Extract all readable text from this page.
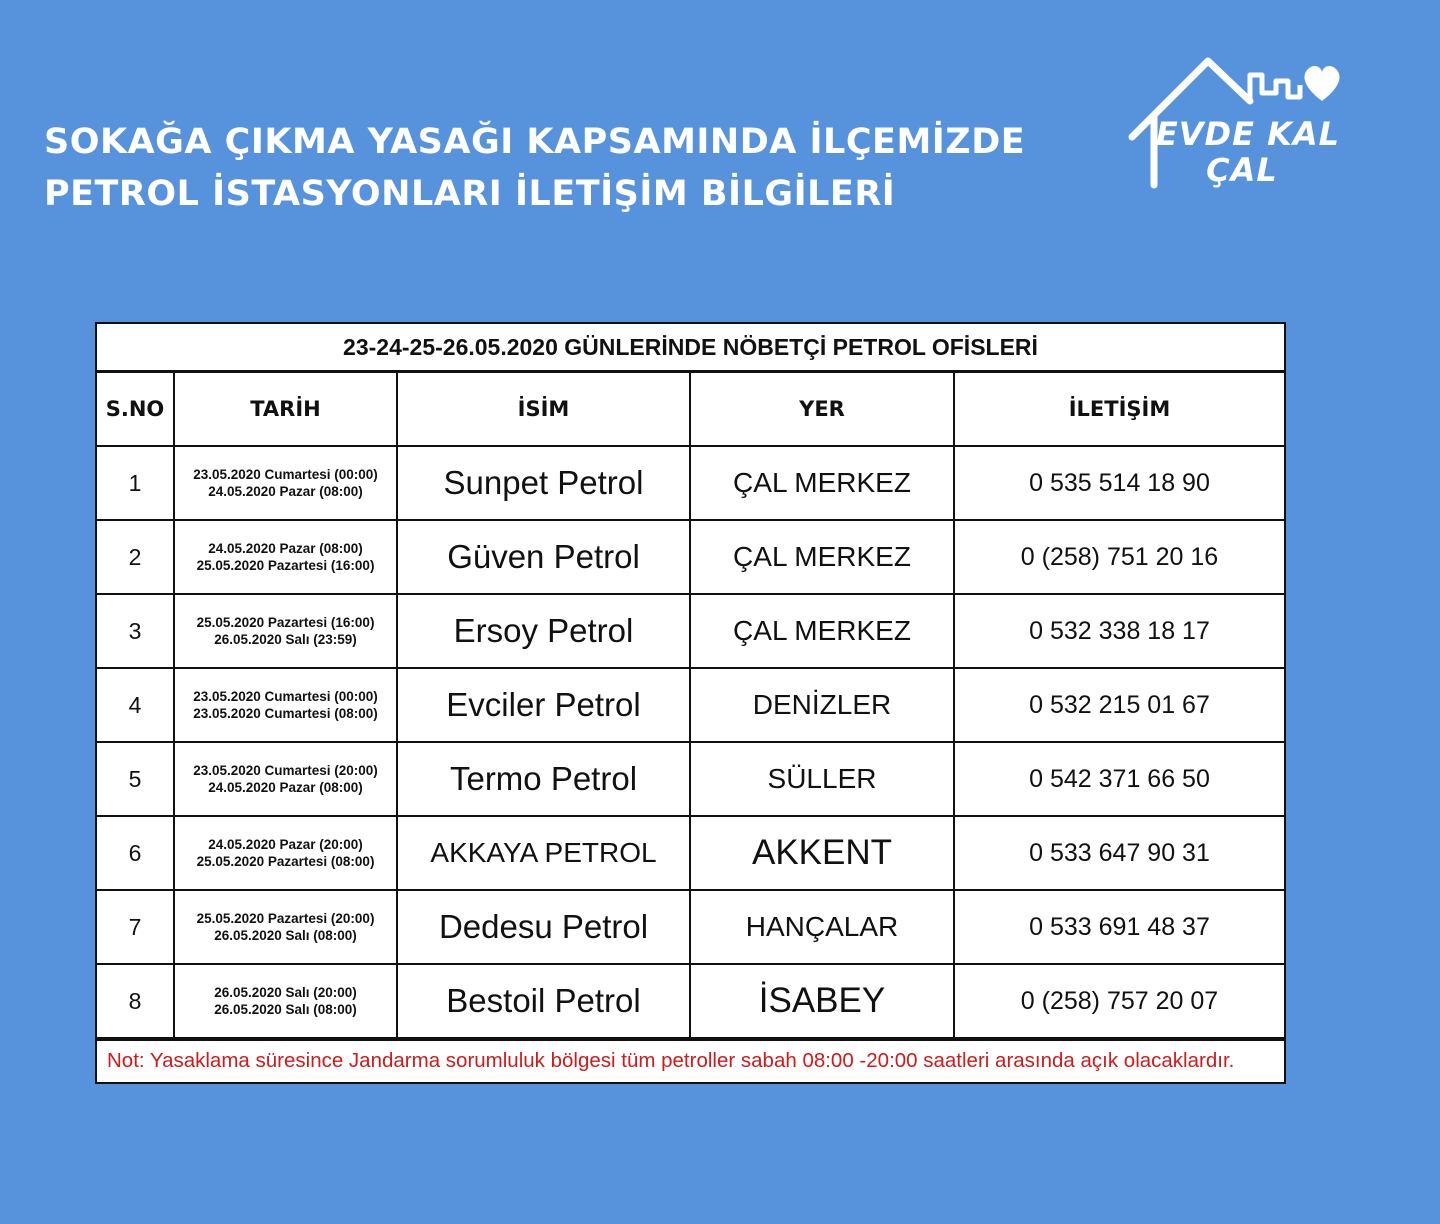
SOKAĞA ÇIKMA YASAĞI KAPSAMINDA İLÇEMİZDE
PETROL İSTASYONLARI İLETİŞİM BİLGİLERİ
EVDE KAL
ÇAL
23-24-25-26.05.2020 GÜNLERİNDE NÖBETÇİ PETROL OFİSLERİ
S.NO	TARİH	İSİM	YER	İLETİŞİM
1	23.05.2020 Cumartesi (00:00)
24.05.2020 Pazar (08:00)	Sunpet Petrol	ÇAL MERKEZ	0 535 514 18 90
2	24.05.2020 Pazar (08:00)
25.05.2020 Pazartesi (16:00)	Güven Petrol	ÇAL MERKEZ	0 (258) 751 20 16
3	25.05.2020 Pazartesi (16:00)
26.05.2020 Salı (23:59)	Ersoy Petrol	ÇAL MERKEZ	0 532 338 18 17
4	23.05.2020 Cumartesi (00:00)
23.05.2020 Cumartesi (08:00)	Evciler Petrol	DENİZLER	0 532 215 01 67
5	23.05.2020 Cumartesi (20:00)
24.05.2020 Pazar (08:00)	Termo Petrol	SÜLLER	0 542 371 66 50
6	24.05.2020 Pazar (20:00)
25.05.2020 Pazartesi (08:00)	AKKAYA PETROL	AKKENT	0 533 647 90 31
7	25.05.2020 Pazartesi (20:00)
26.05.2020 Salı (08:00)	Dedesu Petrol	HANÇALAR	0 533 691 48 37
8	26.05.2020 Salı (20:00)
26.05.2020 Salı (08:00)	Bestoil Petrol	İSABEY	0 (258) 757 20 07
Not: Yasaklama süresince Jandarma sorumluluk bölgesi tüm petroller sabah 08:00 -20:00 saatleri arasında açık olacaklardır.
